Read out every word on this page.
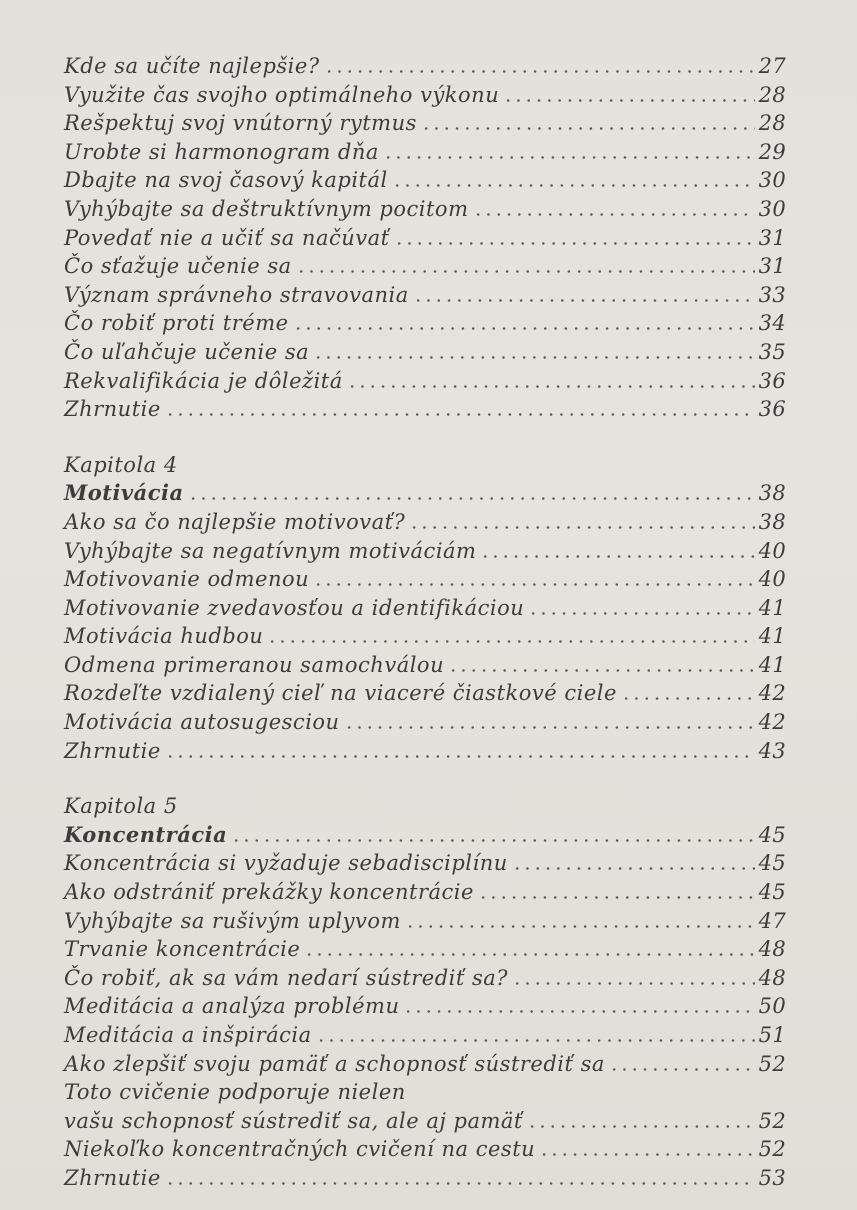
Kde sa učíte najlepšie?	27
Využite čas svojho optimálneho výkonu	28
Rešpektuj svoj vnútorný rytmus	28
Urobte si harmonogram dňa	29
Dbajte na svoj časový kapitál	30
Vyhýbajte sa deštruktívnym pocitom	30
Povedať nie a učiť sa načúvať	31
Čo sťažuje učenie sa	31
Význam správneho stravovania	33
Čo robiť proti tréme	34
Čo uľahčuje učenie sa	35
Rekvalifikácia je dôležitá	36
Zhrnutie	36
Kapitola 4
Motivácia	38
Ako sa čo najlepšie motivovať?	38
Vyhýbajte sa negatívnym motiváciám	40
Motivovanie odmenou	40
Motivovanie zvedavosťou a identifikáciou	41
Motivácia hudbou	41
Odmena primeranou samochválou	41
Rozdeľte vzdialený cieľ na viaceré čiastkové ciele	42
Motivácia autosugesciou	42
Zhrnutie	43
Kapitola 5
Koncentrácia	45
Koncentrácia si vyžaduje sebadisciplínu	45
Ako odstrániť prekážky koncentrácie	45
Vyhýbajte sa rušivým uplyvom	47
Trvanie koncentrácie	48
Čo robiť, ak sa vám nedarí sústrediť sa?	48
Meditácia a analýza problému	50
Meditácia a inšpirácia	51
Ako zlepšiť svoju pamäť a schopnosť sústrediť sa	52
Toto cvičenie podporuje nielen
vašu schopnosť sústrediť sa, ale aj pamäť	52
Niekoľko koncentračných cvičení na cestu	52
Zhrnutie	53
